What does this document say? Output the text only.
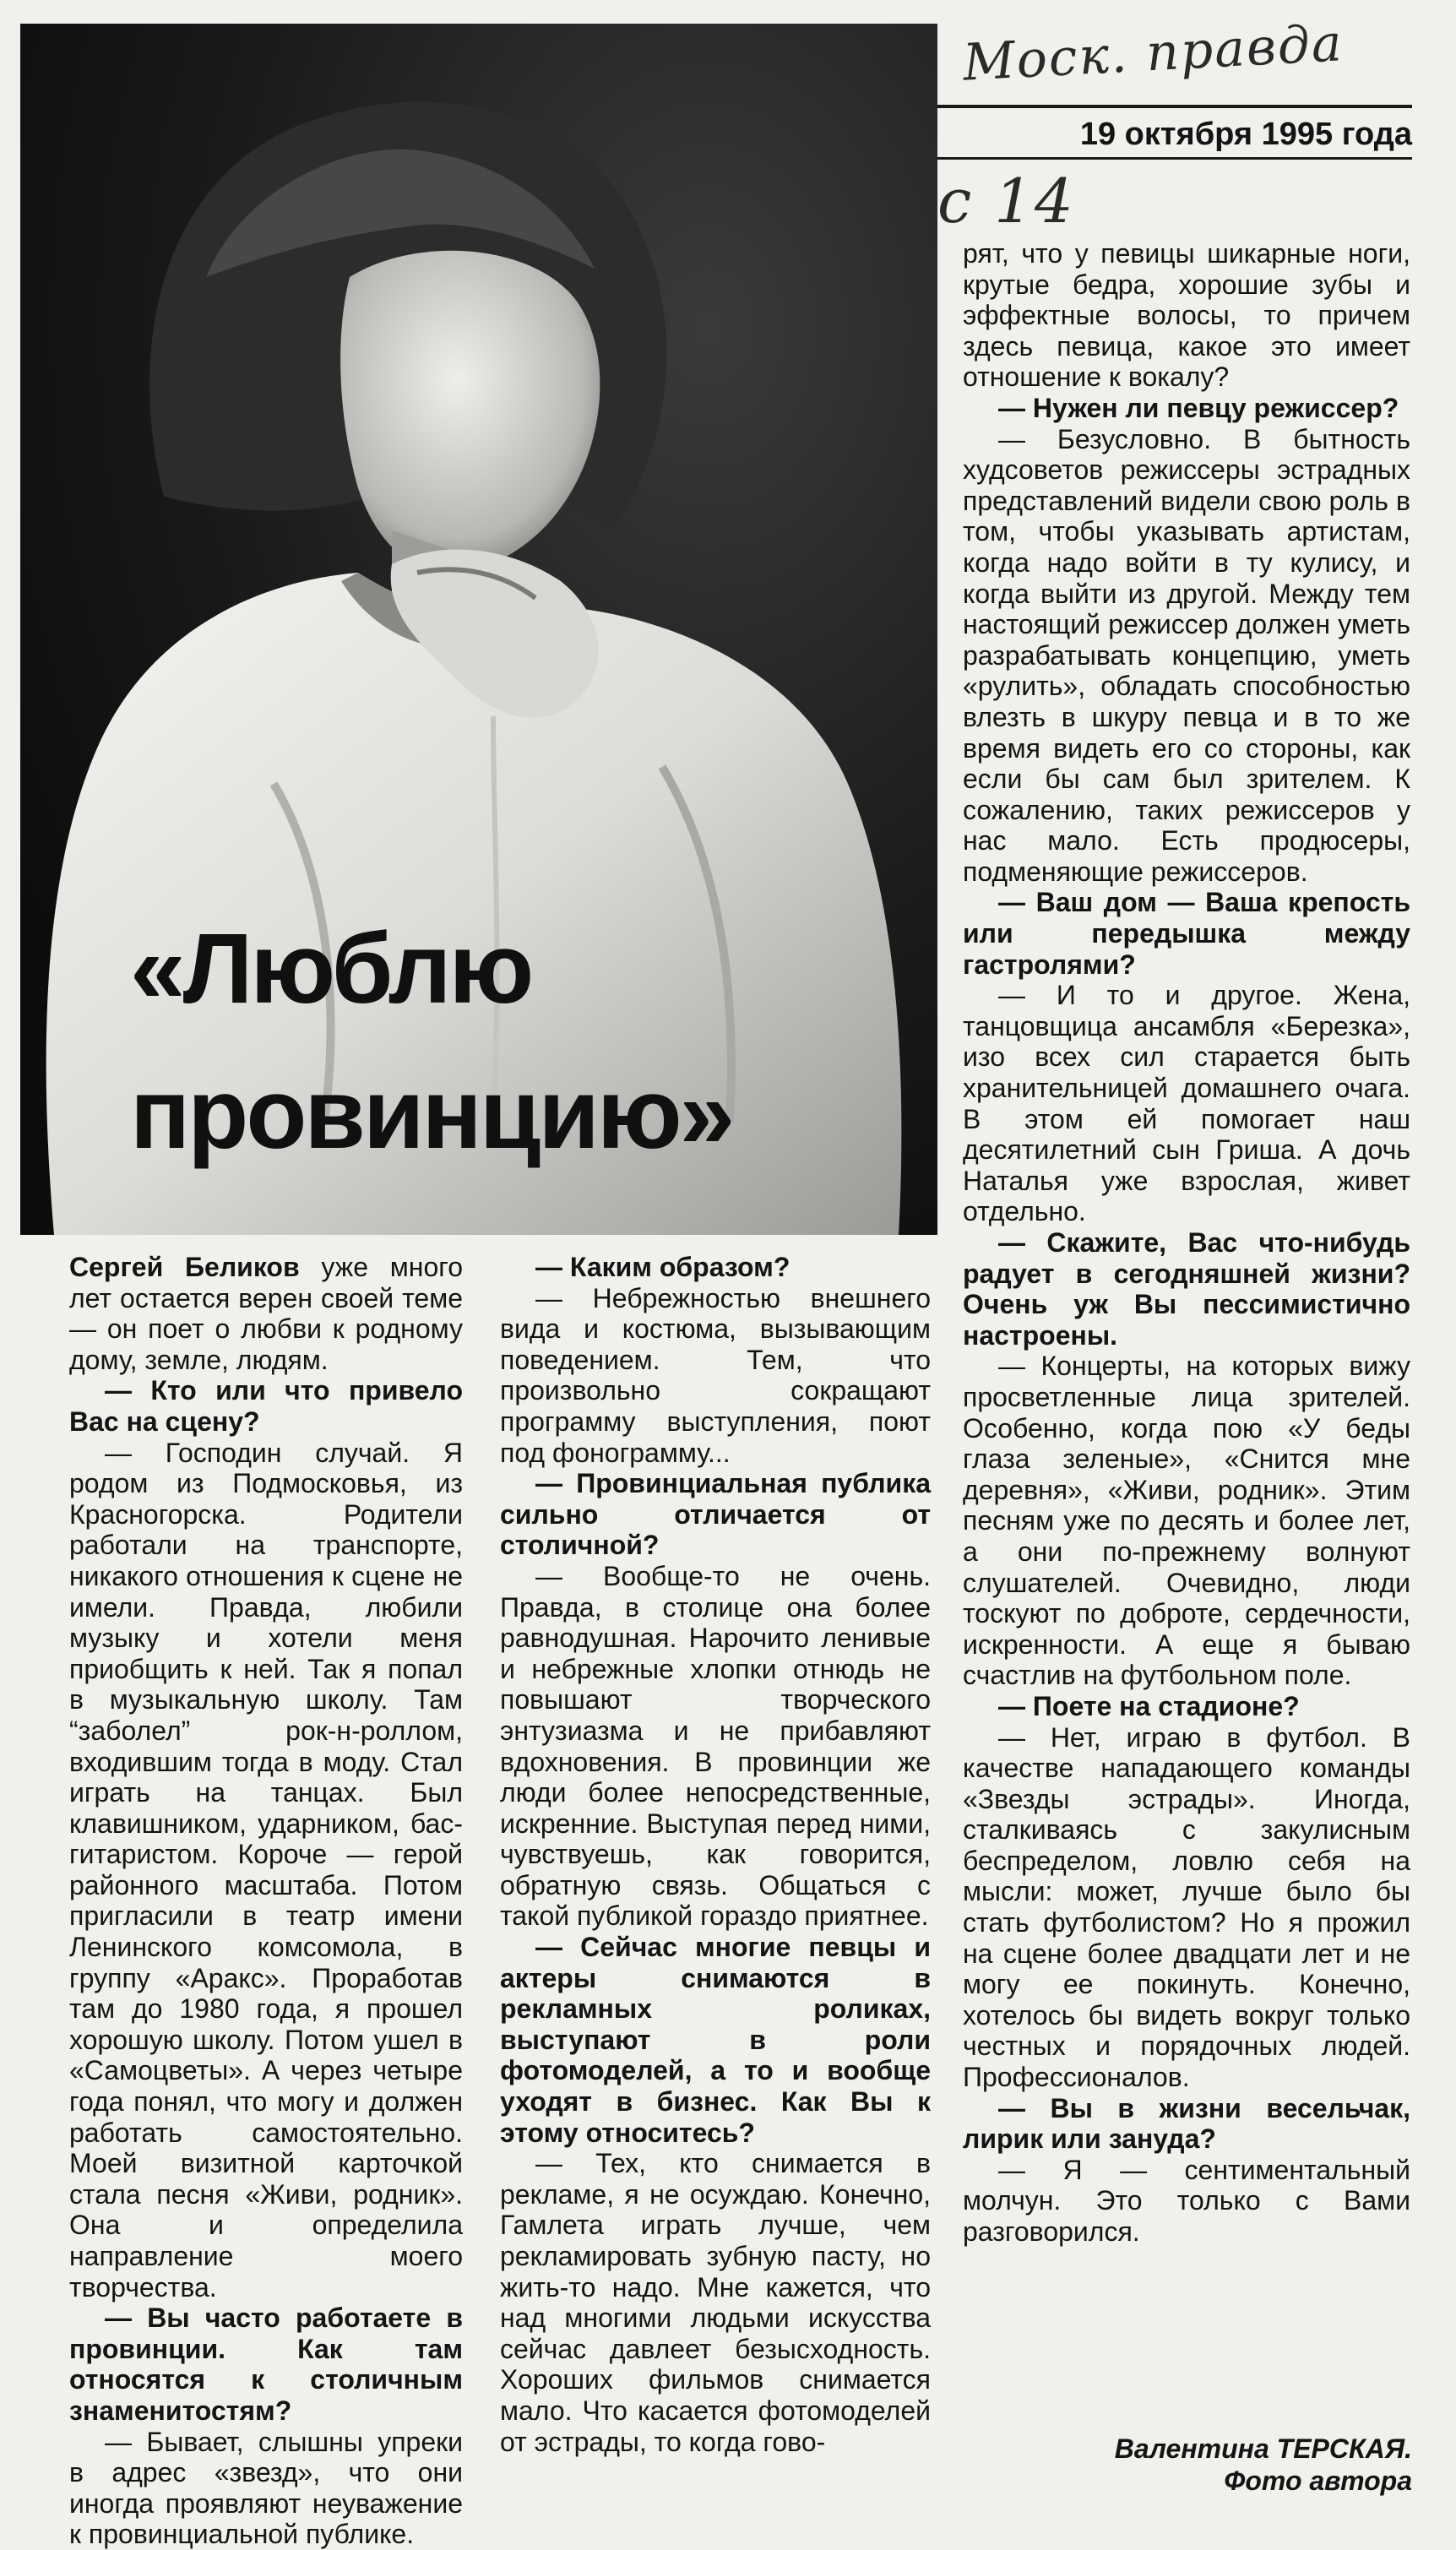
Моск. правда
19 октября 1995 года
с 14
«Люблю
провинцию»

Сергей Беликов уже много лет остается верен своей теме — он поет о любви к родному дому, земле, людям.

— Кто или что привело Вас на сцену?

— Господин случай. Я родом из Подмосковья, из Красногорска. Родители работали на транспорте, никакого отношения к сцене не имели. Правда, любили музыку и хотели меня приобщить к ней. Так я попал в музыкальную школу. Там “заболел” рок-н-роллом, входившим тогда в моду. Стал играть на танцах. Был клавишником, ударником, бас-гитаристом. Короче — герой районного масштаба. Потом пригласили в театр имени Ленинского комсомола, в группу «Аракс». Проработав там до 1980 года, я прошел хорошую школу. Потом ушел в «Самоцветы». А через четыре года понял, что могу и должен работать самостоятельно. Моей визитной карточкой стала песня «Живи, родник». Она и определила направление моего творчества.

— Вы часто работаете в провинции. Как там относятся к столичным знаменитостям?

— Бывает, слышны упреки в адрес «звезд», что они иногда проявляют неуважение к провинциальной публике.

— Каким образом?

— Небрежностью внешнего вида и костюма, вызывающим поведением. Тем, что произвольно сокращают программу выступления, поют под фонограмму...

— Провинциальная публика сильно отличается от столичной?

— Вообще-то не очень. Правда, в столице она более равнодушная. Нарочито ленивые и небрежные хлопки отнюдь не повышают творческого энтузиазма и не прибавляют вдохновения. В провинции же люди более непосредственные, искренние. Выступая перед ними, чувствуешь, как говорится, обратную связь. Общаться с такой публикой гораздо приятнее.

— Сейчас многие певцы и актеры снимаются в рекламных роликах, выступают в роли фотомоделей, а то и вообще уходят в бизнес. Как Вы к этому относитесь?

— Тех, кто снимается в рекламе, я не осуждаю. Конечно, Гамлета играть лучше, чем рекламировать зубную пасту, но жить-то надо. Мне кажется, что над многими людьми искусства сейчас давлеет безысходность. Хороших фильмов снимается мало. Что касается фотомоделей от эстрады, то когда гово-

рят, что у певицы шикарные ноги, крутые бедра, хорошие зубы и эффектные волосы, то причем здесь певица, какое это имеет отношение к вокалу?

— Нужен ли певцу режиссер?

— Безусловно. В бытность худсоветов режиссеры эстрадных представлений видели свою роль в том, чтобы указывать артистам, когда надо войти в ту кулису, и когда выйти из другой. Между тем настоящий режиссер должен уметь разрабатывать концепцию, уметь «рулить», обладать способностью влезть в шкуру певца и в то же время видеть его со стороны, как если бы сам был зрителем. К сожалению, таких режиссеров у нас мало. Есть продюсеры, подменяющие режиссеров.

— Ваш дом — Ваша крепость или передышка между гастролями?

— И то и другое. Жена, танцовщица ансамбля «Березка», изо всех сил старается быть хранительницей домашнего очага. В этом ей помогает наш десятилетний сын Гриша. А дочь Наталья уже взрослая, живет отдельно.

— Скажите, Вас что-нибудь радует в сегодняшней жизни? Очень уж Вы пессимистично настроены.

— Концерты, на которых вижу просветленные лица зрителей. Особенно, когда пою «У беды глаза зеленые», «Снится мне деревня», «Живи, родник». Этим песням уже по десять и более лет, а они по-прежнему волнуют слушателей. Очевидно, люди тоскуют по доброте, сердечности, искренности. А еще я бываю счастлив на футбольном поле.

— Поете на стадионе?

— Нет, играю в футбол. В качестве нападающего команды «Звезды эстрады». Иногда, сталкиваясь с закулисным беспределом, ловлю себя на мысли: может, лучше было бы стать футболистом? Но я прожил на сцене более двадцати лет и не могу ее покинуть. Конечно, хотелось бы видеть вокруг только честных и порядочных людей. Профессионалов.

— Вы в жизни весельчак, лирик или зануда?

— Я — сентиментальный молчун. Это только с Вами разговорился.

Валентина ТЕРСКАЯ.
Фото автора
